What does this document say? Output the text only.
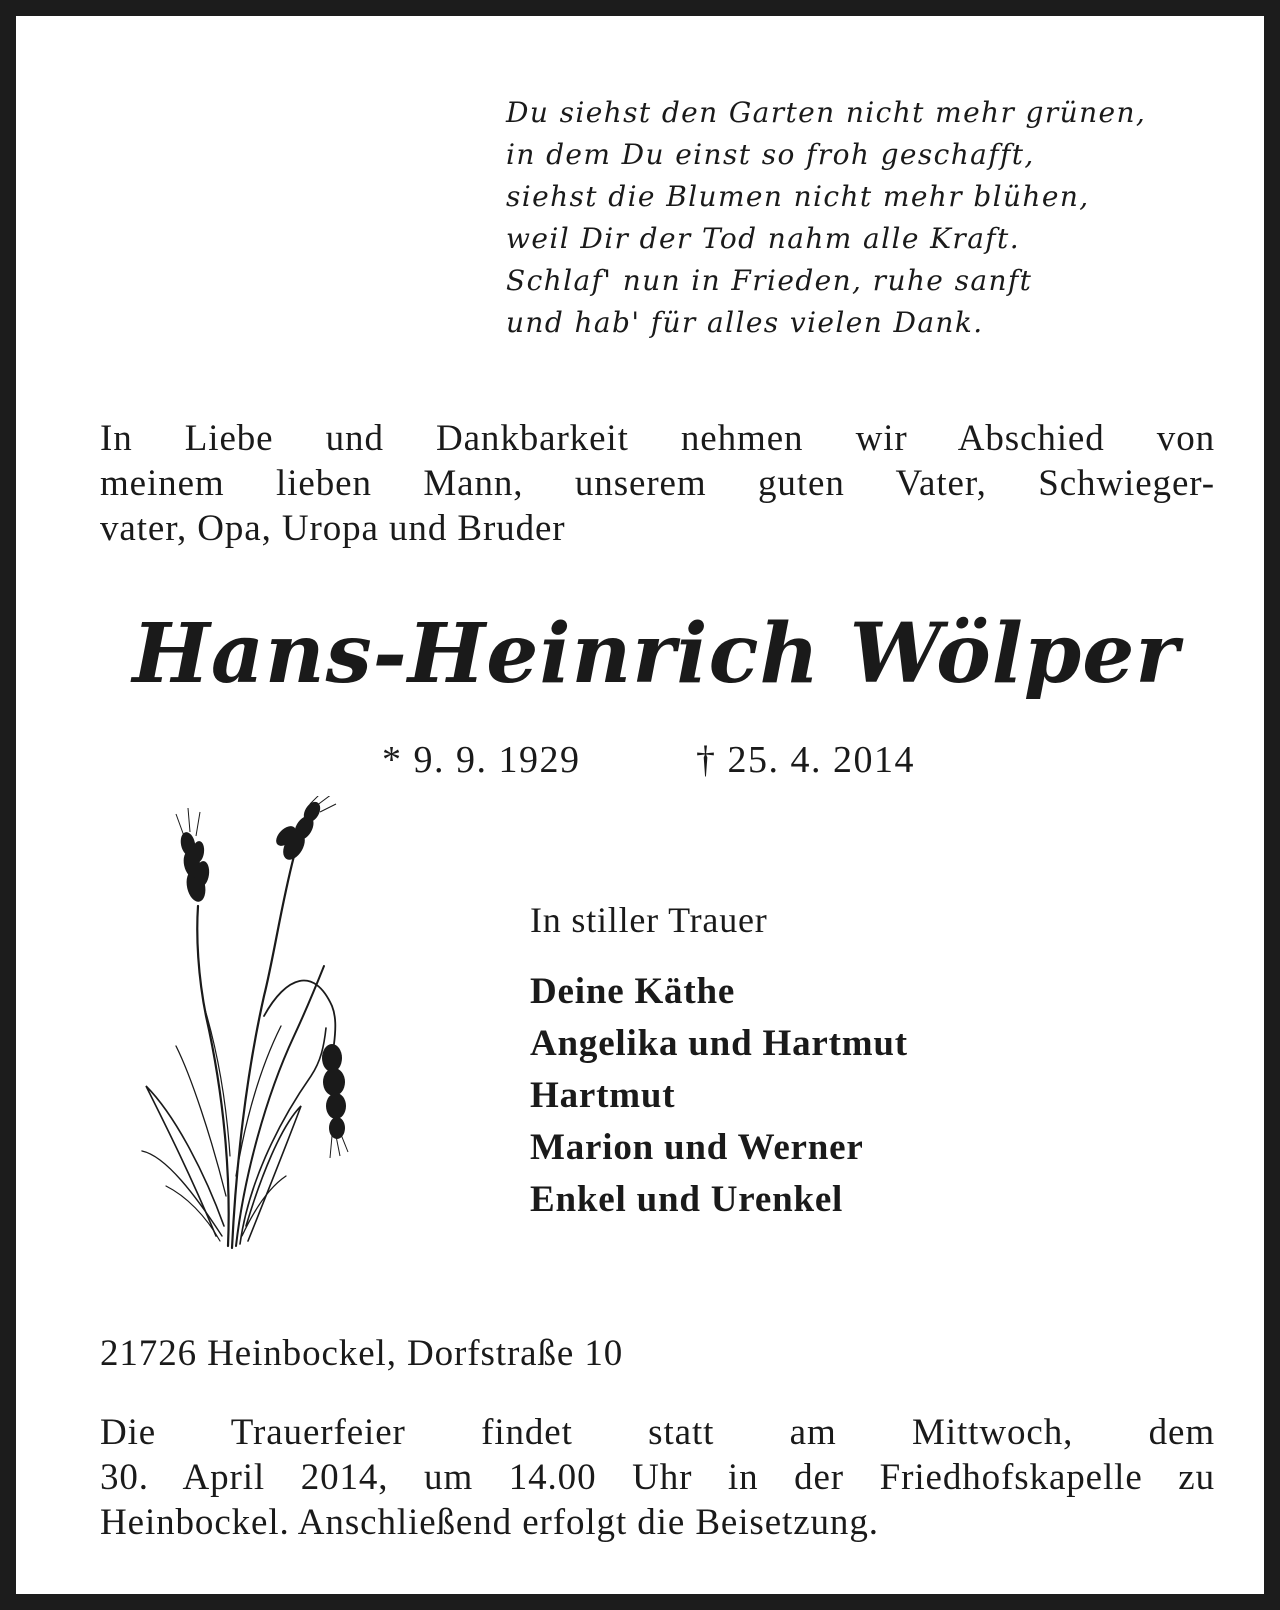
Du siehst den Garten nicht mehr grünen,
in dem Du einst so froh geschafft,
siehst die Blumen nicht mehr blühen,
weil Dir der Tod nahm alle Kraft.
Schlaf' nun in Frieden, ruhe sanft
und hab' für alles vielen Dank.
In Liebe und Dankbarkeit nehmen wir Abschied von
meinem lieben Mann, unserem guten Vater, Schwieger-
vater, Opa, Uropa und Bruder
Hans-Heinrich Wölper
* 9. 9. 1929	† 25. 4. 2014
In stiller Trauer
Deine Käthe
Angelika und Hartmut
Hartmut
Marion und Werner
Enkel und Urenkel
21726 Heinbockel, Dorfstraße 10
Die Trauerfeier findet statt am Mittwoch, dem
30. April 2014, um 14.00 Uhr in der Friedhofskapelle zu
Heinbockel. Anschließend erfolgt die Beisetzung.
